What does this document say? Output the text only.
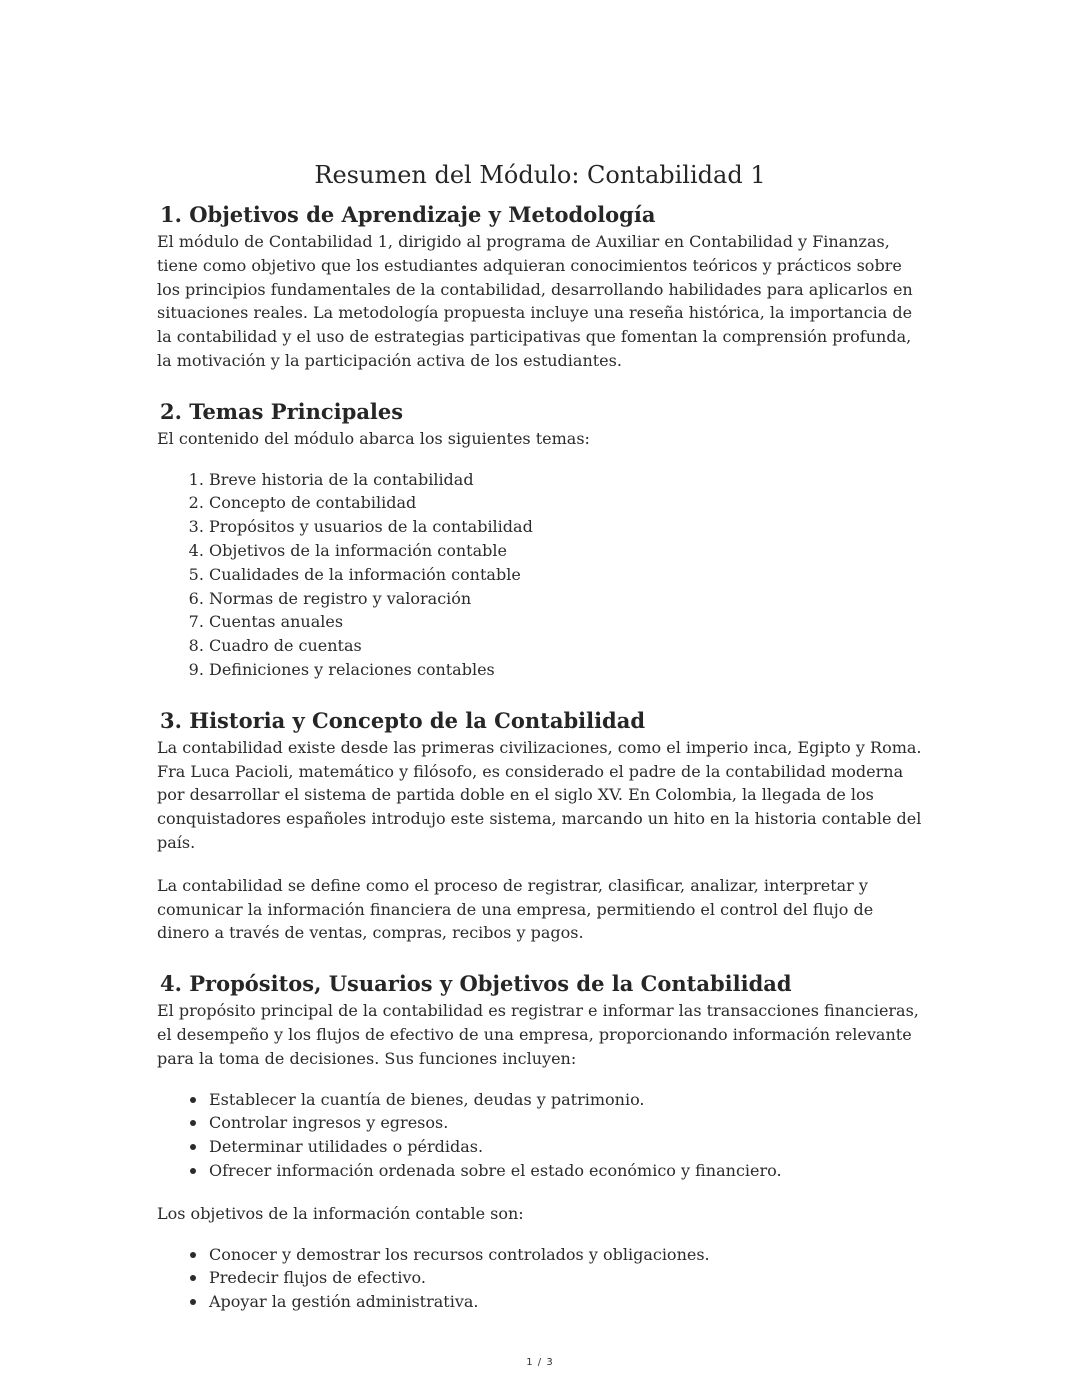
Resumen del Módulo: Contabilidad 1
1. Objetivos de Aprendizaje y Metodología

El módulo de Contabilidad 1, dirigido al programa de Auxiliar en Contabilidad y Finanzas, tiene como objetivo que los estudiantes adquieran conocimientos teóricos y prácticos sobre los principios fundamentales de la contabilidad, desarrollando habilidades para aplicarlos en situaciones reales. La metodología propuesta incluye una reseña histórica, la importancia de la contabilidad y el uso de estrategias participativas que fomentan la comprensión profunda, la motivación y la participación activa de los estudiantes.

2. Temas Principales

El contenido del módulo abarca los siguientes temas:

1. Breve historia de la contabilidad
2. Concepto de contabilidad
3. Propósitos y usuarios de la contabilidad
4. Objetivos de la información contable
5. Cualidades de la información contable
6. Normas de registro y valoración
7. Cuentas anuales
8. Cuadro de cuentas
9. Definiciones y relaciones contables
3. Historia y Concepto de la Contabilidad

La contabilidad existe desde las primeras civilizaciones, como el imperio inca, Egipto y Roma. Fra Luca Pacioli, matemático y filósofo, es considerado el padre de la contabilidad moderna por desarrollar el sistema de partida doble en el siglo XV. En Colombia, la llegada de los conquistadores españoles introdujo este sistema, marcando un hito en la historia contable del país.

La contabilidad se define como el proceso de registrar, clasificar, analizar, interpretar y comunicar la información financiera de una empresa, permitiendo el control del flujo de dinero a través de ventas, compras, recibos y pagos.

4. Propósitos, Usuarios y Objetivos de la Contabilidad

El propósito principal de la contabilidad es registrar e informar las transacciones financieras, el desempeño y los flujos de efectivo de una empresa, proporcionando información relevante para la toma de decisiones. Sus funciones incluyen:

Establecer la cuantía de bienes, deudas y patrimonio.
Controlar ingresos y egresos.
Determinar utilidades o pérdidas.
Ofrecer información ordenada sobre el estado económico y financiero.

Los objetivos de la información contable son:

Conocer y demostrar los recursos controlados y obligaciones.
Predecir flujos de efectivo.
Apoyar la gestión administrativa.
1 / 3
